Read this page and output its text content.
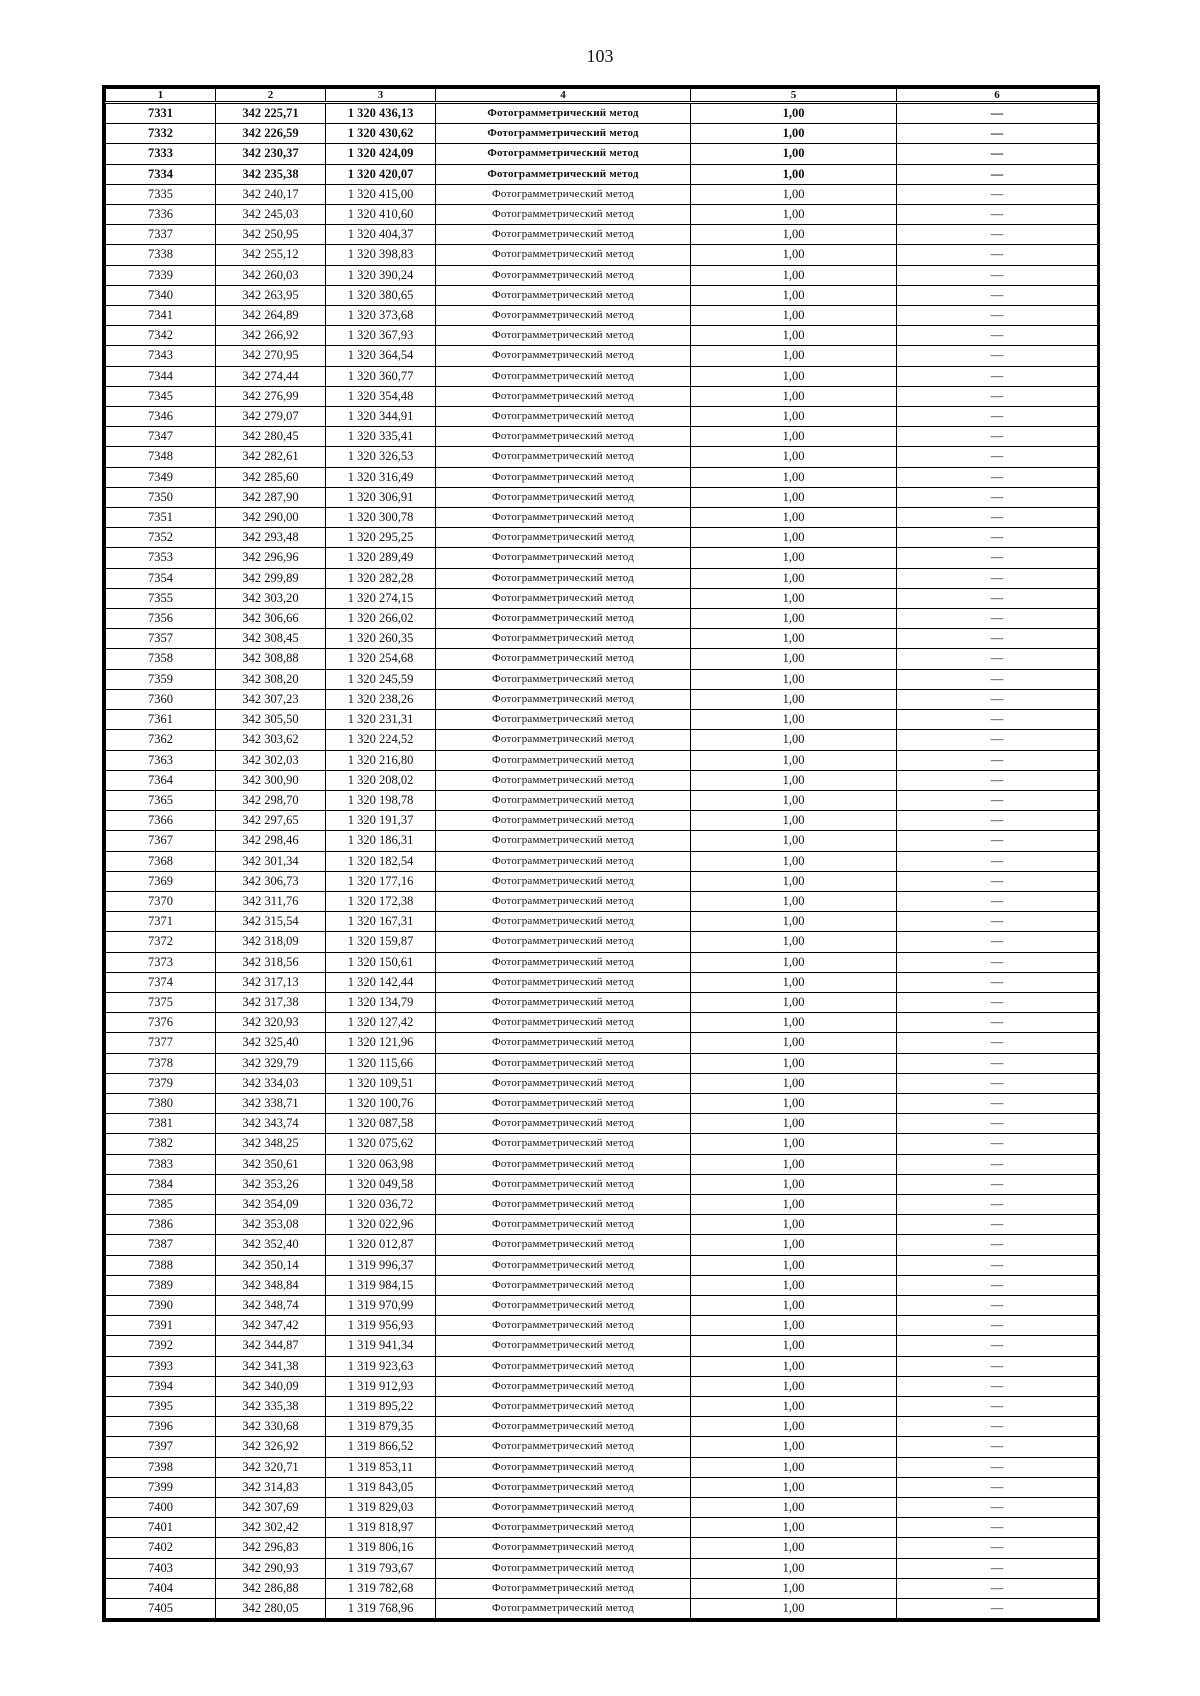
103
1	2	3	4	5	6
7331	342 225,71	1 320 436,13	Фотограмметрический метод	1,00	—
7332	342 226,59	1 320 430,62	Фотограмметрический метод	1,00	—
7333	342 230,37	1 320 424,09	Фотограмметрический метод	1,00	—
7334	342 235,38	1 320 420,07	Фотограмметрический метод	1,00	—
7335	342 240,17	1 320 415,00	Фотограмметрический метод	1,00	—
7336	342 245,03	1 320 410,60	Фотограмметрический метод	1,00	—
7337	342 250,95	1 320 404,37	Фотограмметрический метод	1,00	—
7338	342 255,12	1 320 398,83	Фотограмметрический метод	1,00	—
7339	342 260,03	1 320 390,24	Фотограмметрический метод	1,00	—
7340	342 263,95	1 320 380,65	Фотограмметрический метод	1,00	—
7341	342 264,89	1 320 373,68	Фотограмметрический метод	1,00	—
7342	342 266,92	1 320 367,93	Фотограмметрический метод	1,00	—
7343	342 270,95	1 320 364,54	Фотограмметрический метод	1,00	—
7344	342 274,44	1 320 360,77	Фотограмметрический метод	1,00	—
7345	342 276,99	1 320 354,48	Фотограмметрический метод	1,00	—
7346	342 279,07	1 320 344,91	Фотограмметрический метод	1,00	—
7347	342 280,45	1 320 335,41	Фотограмметрический метод	1,00	—
7348	342 282,61	1 320 326,53	Фотограмметрический метод	1,00	—
7349	342 285,60	1 320 316,49	Фотограмметрический метод	1,00	—
7350	342 287,90	1 320 306,91	Фотограмметрический метод	1,00	—
7351	342 290,00	1 320 300,78	Фотограмметрический метод	1,00	—
7352	342 293,48	1 320 295,25	Фотограмметрический метод	1,00	—
7353	342 296,96	1 320 289,49	Фотограмметрический метод	1,00	—
7354	342 299,89	1 320 282,28	Фотограмметрический метод	1,00	—
7355	342 303,20	1 320 274,15	Фотограмметрический метод	1,00	—
7356	342 306,66	1 320 266,02	Фотограмметрический метод	1,00	—
7357	342 308,45	1 320 260,35	Фотограмметрический метод	1,00	—
7358	342 308,88	1 320 254,68	Фотограмметрический метод	1,00	—
7359	342 308,20	1 320 245,59	Фотограмметрический метод	1,00	—
7360	342 307,23	1 320 238,26	Фотограмметрический метод	1,00	—
7361	342 305,50	1 320 231,31	Фотограмметрический метод	1,00	—
7362	342 303,62	1 320 224,52	Фотограмметрический метод	1,00	—
7363	342 302,03	1 320 216,80	Фотограмметрический метод	1,00	—
7364	342 300,90	1 320 208,02	Фотограмметрический метод	1,00	—
7365	342 298,70	1 320 198,78	Фотограмметрический метод	1,00	—
7366	342 297,65	1 320 191,37	Фотограмметрический метод	1,00	—
7367	342 298,46	1 320 186,31	Фотограмметрический метод	1,00	—
7368	342 301,34	1 320 182,54	Фотограмметрический метод	1,00	—
7369	342 306,73	1 320 177,16	Фотограмметрический метод	1,00	—
7370	342 311,76	1 320 172,38	Фотограмметрический метод	1,00	—
7371	342 315,54	1 320 167,31	Фотограмметрический метод	1,00	—
7372	342 318,09	1 320 159,87	Фотограмметрический метод	1,00	—
7373	342 318,56	1 320 150,61	Фотограмметрический метод	1,00	—
7374	342 317,13	1 320 142,44	Фотограмметрический метод	1,00	—
7375	342 317,38	1 320 134,79	Фотограмметрический метод	1,00	—
7376	342 320,93	1 320 127,42	Фотограмметрический метод	1,00	—
7377	342 325,40	1 320 121,96	Фотограмметрический метод	1,00	—
7378	342 329,79	1 320 115,66	Фотограмметрический метод	1,00	—
7379	342 334,03	1 320 109,51	Фотограмметрический метод	1,00	—
7380	342 338,71	1 320 100,76	Фотограмметрический метод	1,00	—
7381	342 343,74	1 320 087,58	Фотограмметрический метод	1,00	—
7382	342 348,25	1 320 075,62	Фотограмметрический метод	1,00	—
7383	342 350,61	1 320 063,98	Фотограмметрический метод	1,00	—
7384	342 353,26	1 320 049,58	Фотограмметрический метод	1,00	—
7385	342 354,09	1 320 036,72	Фотограмметрический метод	1,00	—
7386	342 353,08	1 320 022,96	Фотограмметрический метод	1,00	—
7387	342 352,40	1 320 012,87	Фотограмметрический метод	1,00	—
7388	342 350,14	1 319 996,37	Фотограмметрический метод	1,00	—
7389	342 348,84	1 319 984,15	Фотограмметрический метод	1,00	—
7390	342 348,74	1 319 970,99	Фотограмметрический метод	1,00	—
7391	342 347,42	1 319 956,93	Фотограмметрический метод	1,00	—
7392	342 344,87	1 319 941,34	Фотограмметрический метод	1,00	—
7393	342 341,38	1 319 923,63	Фотограмметрический метод	1,00	—
7394	342 340,09	1 319 912,93	Фотограмметрический метод	1,00	—
7395	342 335,38	1 319 895,22	Фотограмметрический метод	1,00	—
7396	342 330,68	1 319 879,35	Фотограмметрический метод	1,00	—
7397	342 326,92	1 319 866,52	Фотограмметрический метод	1,00	—
7398	342 320,71	1 319 853,11	Фотограмметрический метод	1,00	—
7399	342 314,83	1 319 843,05	Фотограмметрический метод	1,00	—
7400	342 307,69	1 319 829,03	Фотограмметрический метод	1,00	—
7401	342 302,42	1 319 818,97	Фотограмметрический метод	1,00	—
7402	342 296,83	1 319 806,16	Фотограмметрический метод	1,00	—
7403	342 290,93	1 319 793,67	Фотограмметрический метод	1,00	—
7404	342 286,88	1 319 782,68	Фотограмметрический метод	1,00	—
7405	342 280,05	1 319 768,96	Фотограмметрический метод	1,00	—
